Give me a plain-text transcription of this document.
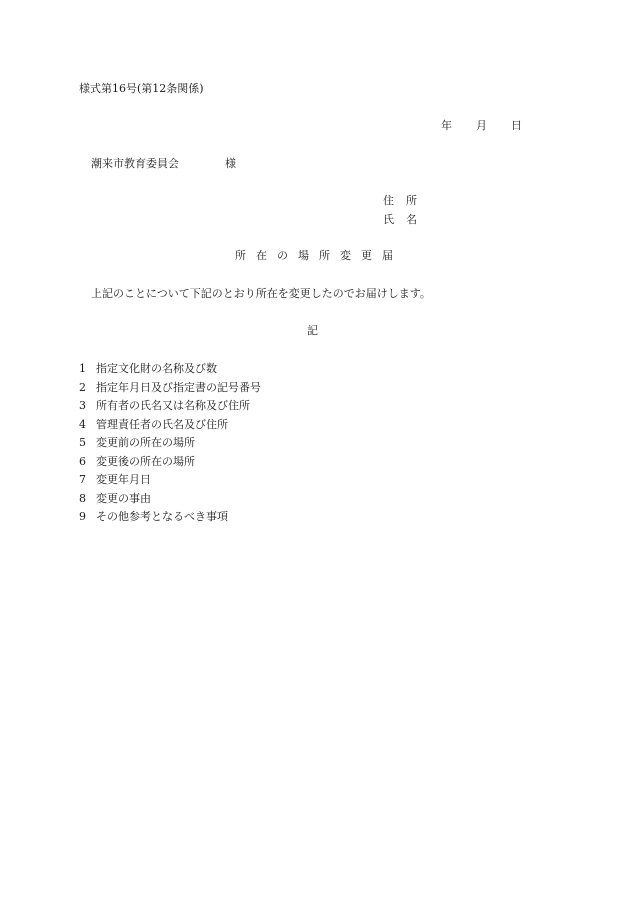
様式第16号(第12条関係)
年 月 日
潮来市教育委員会	様
住 所
氏 名
所在の場所変更届
上記のことについて下記のとおり所在を変更したのでお届けします。
記
1 指定文化財の名称及び数
2 指定年月日及び指定書の記号番号
3 所有者の氏名又は名称及び住所
4 管理責任者の氏名及び住所
5 変更前の所在の場所
6 変更後の所在の場所
7 変更年月日
8 変更の事由
9 その他参考となるべき事項
